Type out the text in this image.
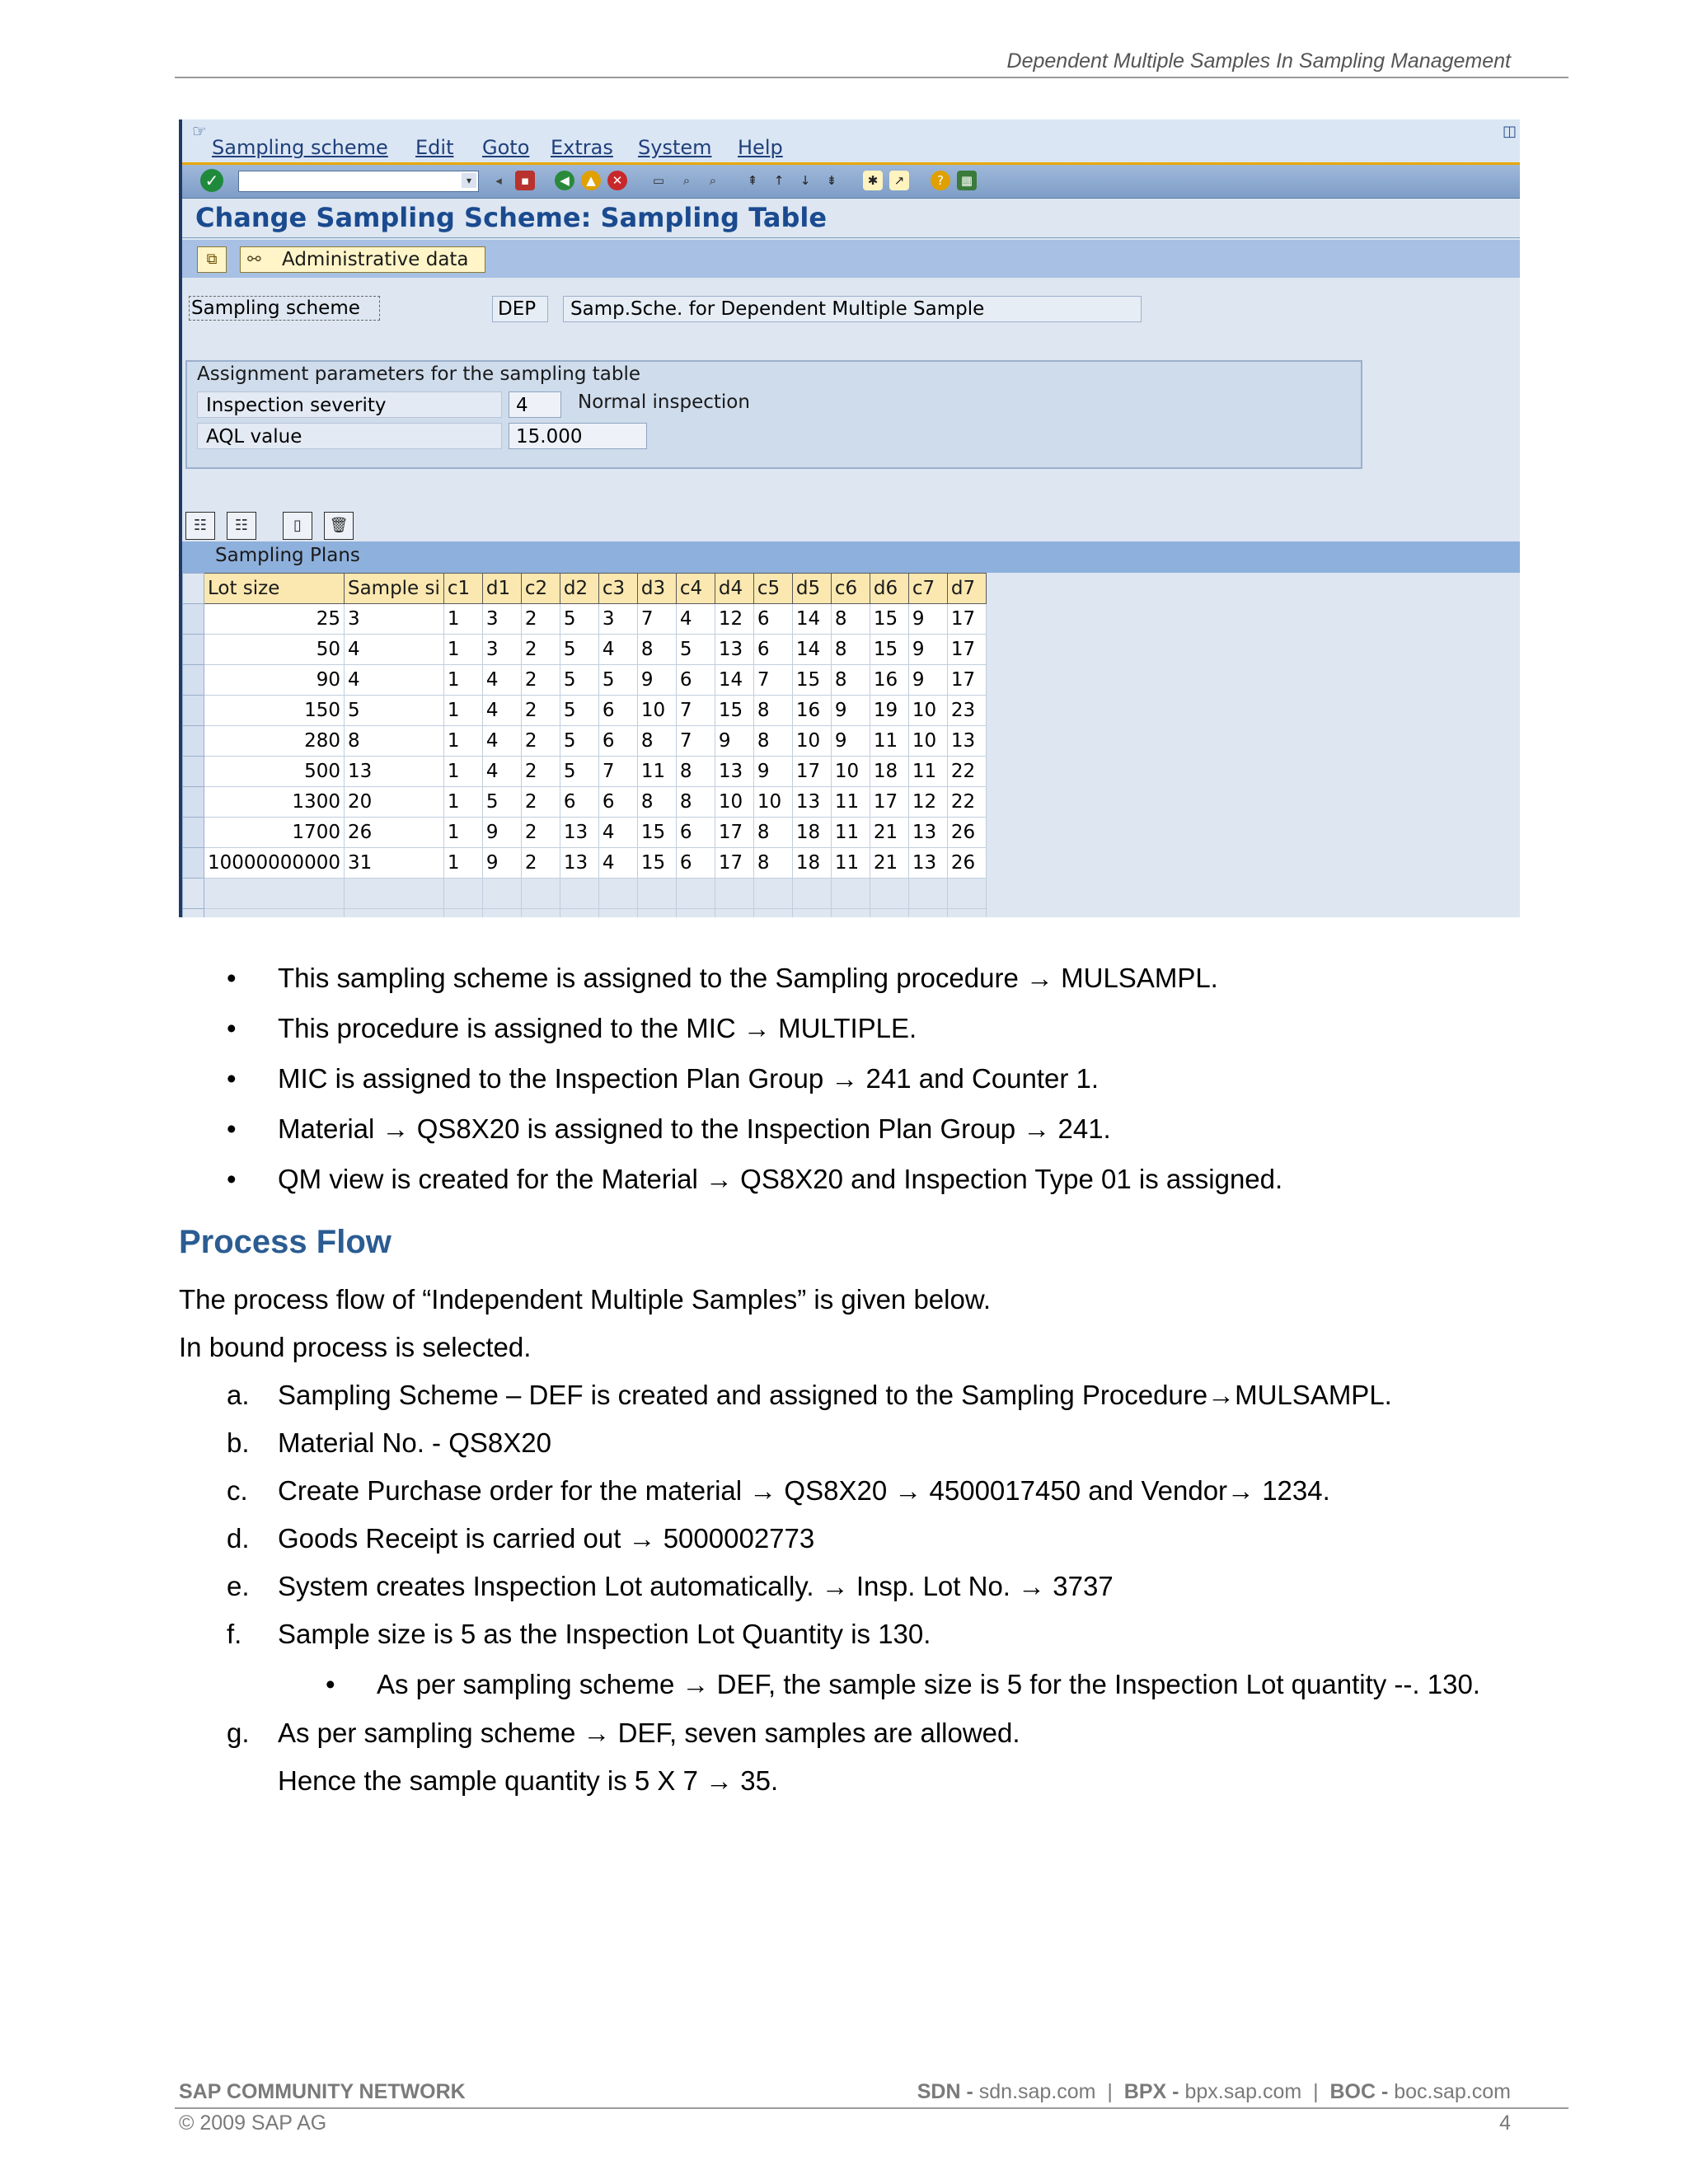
Dependent Multiple Samples In Sampling Management
☞
Sampling scheme Edit Goto Extras System Help
◫
✓	▾	◂	▪	◀	▲	✕	▭	⌕	⌕	⇞	↑	↓	⇟	✱	↗	?	▦
Change Sampling Scheme: Sampling Table
⧉	⚯ Administrative data
Sampling scheme	DEP	Samp.Sche. for Dependent Multiple Sample
Assignment parameters for the sampling table
Inspection severity	4	Normal inspection
AQL value	15.000
☷	☷	▯	🗑
Sampling Plans
	Lot size	Sample si	c1	d1	c2	d2	c3	d3	c4	d4	c5	d5	c6	d6	c7	d7
	25	3	1	3	2	5	3	7	4	12	6	14	8	15	9	17
	50	4	1	3	2	5	4	8	5	13	6	14	8	15	9	17
	90	4	1	4	2	5	5	9	6	14	7	15	8	16	9	17
	150	5	1	4	2	5	6	10	7	15	8	16	9	19	10	23
	280	8	1	4	2	5	6	8	7	9	8	10	9	11	10	13
	500	13	1	4	2	5	7	11	8	13	9	17	10	18	11	22
	1300	20	1	5	2	6	6	8	8	10	10	13	11	17	12	22
	1700	26	1	9	2	13	4	15	6	17	8	18	11	21	13	26
	10000000000	31	1	9	2	13	4	15	6	17	8	18	11	21	13	26

• This sampling scheme is assigned to the Sampling procedure → MULSAMPL.
• This procedure is assigned to the MIC → MULTIPLE.
• MIC is assigned to the Inspection Plan Group → 241 and Counter 1.
• Material → QS8X20 is assigned to the Inspection Plan Group → 241.
• QM view is created for the Material → QS8X20 and Inspection Type 01 is assigned.
Process Flow
The process flow of “Independent Multiple Samples” is given below.
In bound process is selected.
a. Sampling Scheme – DEF is created and assigned to the Sampling Procedure→MULSAMPL.
b. Material No. - QS8X20
c. Create Purchase order for the material → QS8X20 → 4500017450 and Vendor→ 1234.
d. Goods Receipt is carried out → 5000002773
e. System creates Inspection Lot automatically. → Insp. Lot No. → 3737
f. Sample size is 5 as the Inspection Lot Quantity is 130.
• As per sampling scheme → DEF, the sample size is 5 for the Inspection Lot quantity --. 130.
g. As per sampling scheme → DEF, seven samples are allowed.
Hence the sample quantity is 5 X 7 → 35.
SAP COMMUNITY NETWORK	SDN - sdn.sap.com  |  BPX - bpx.sap.com  |  BOC - boc.sap.com
© 2009 SAP AG	4
